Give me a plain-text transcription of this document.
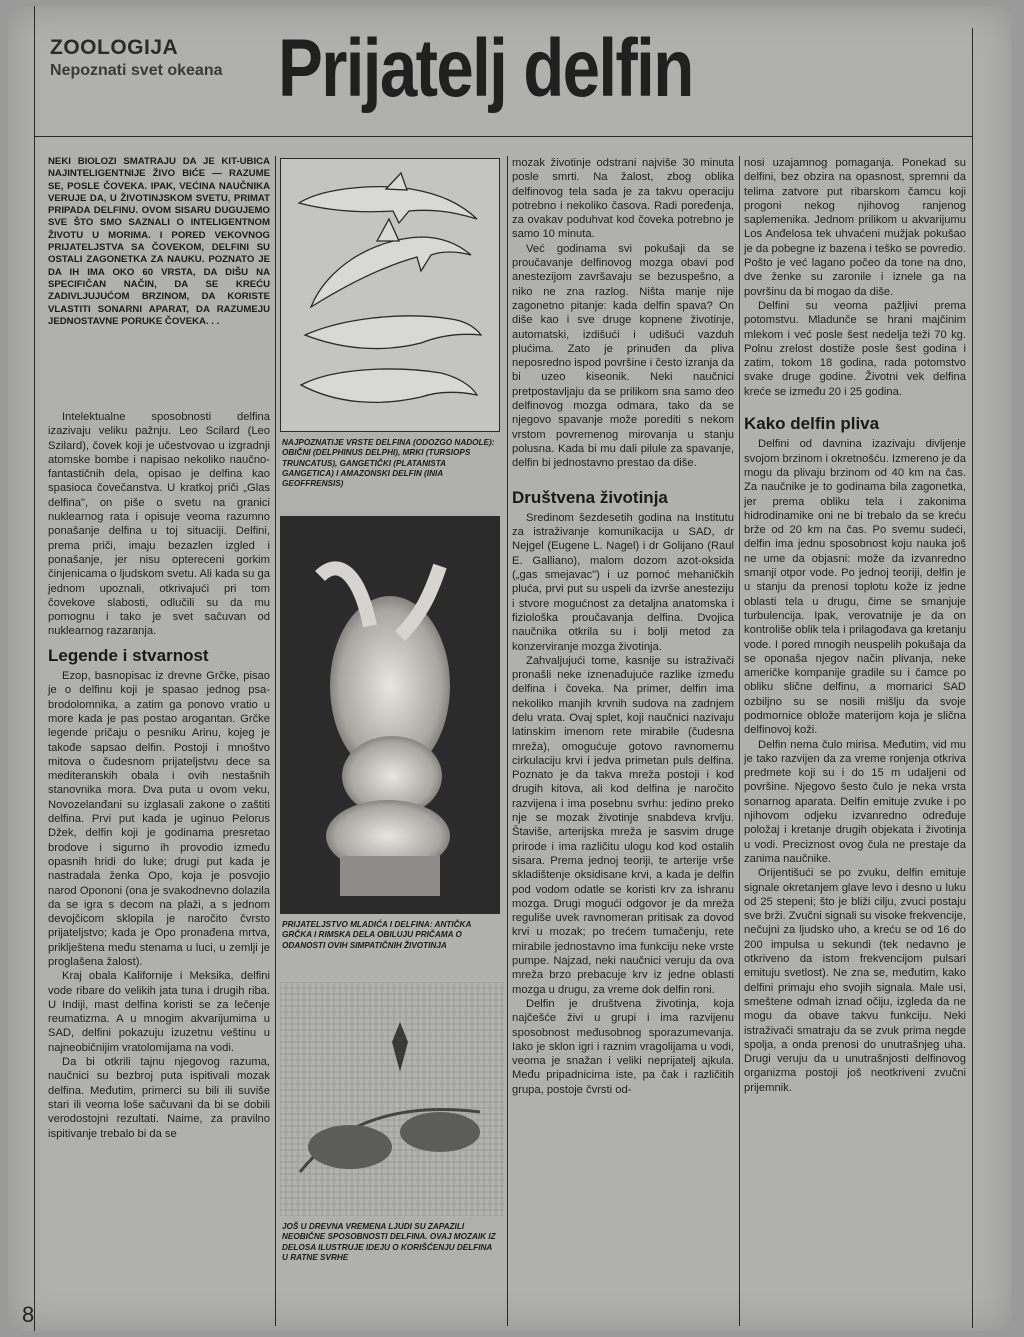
ZOOLOGIJA
Nepoznati svet okeana Prijatelj delfin
NEKI BIOLOZI SMATRAJU DA JE KIT-UBICA NAJINTELIGENTNIJE ŽIVO BIĆE — RAZUME SE, POSLE ČOVEKA. IPAK, VEĆINA NAUČNIKA VERUJE DA, U ŽIVOTINJSKOM SVETU, PRIMAT PRIPADA DELFINU. OVOM SISARU DUGUJEMO SVE ŠTO SMO SAZNALI O INTELIGENTNOM ŽIVOTU U MORIMA. I PORED VEKOVNOG PRIJATELJSTVA SA ČOVEKOM, DELFINI SU OSTALI ZAGONETKA ZA NAUKU. POZNATO JE DA IH IMA OKO 60 VRSTA, DA DIŠU NA SPECIFIČAN NAČIN, DA SE KREĆU ZADIVLJUJUĆOM BRZINOM, DA KORISTE VLASTITI SONARNI APARAT, DA RAZUMEJU JEDNOSTAVNE PORUKE ČOVEKA. . .

Intelektualne sposobnosti delfina izazivaju veliku pažnju. Leo Scilard (Leo Szilard), čovek koji je učestvovao u izgradnji atomske bombe i napisao nekoliko naučno-fantastičnih dela, opisao je delfina kao spasioca čovečanstva. U kratkoj priči „Glas delfina", on piše o svetu na granici nuklearnog rata i opisuje veoma razumno ponašanje delfina u toj situaciji. Delfini, prema priči, imaju bezazlen izgled i ponašanje, jer nisu optereceni gorkim činjenicama o ljudskom svetu. Ali kada su ga jednom upoznali, otkrivajući pri tom čovekove slabosti, odlučili su da mu pomognu i tako je svet sačuvan od nuklearnog razaranja.

Legende i stvarnost

Ezop, basnopisac iz drevne Grčke, pisao je o delfinu koji je spasao jednog psa-brodolomnika, a zatim ga ponovo vratio u more kada je pas postao arogantan. Grčke legende pričaju o pesniku Arinu, kojeg je takođe sapsao delfin. Postoji i mnoštvo mitova o čudesnom prijateljstvu dece sa mediteranskih obala i ovih nestašnih stanovnika mora. Dva puta u ovom veku, Novozelanđani su izglasali zakone o zaštiti delfina. Prvi put kada je uginuo Pelorus Džek, delfin koji je godinama presretao brodove i sigurno ih provodio između opasnih hridi do luke; drugi put kada je nastradala ženka Opo, koja je posvojio narod Opononi (ona je svakodnevno dolazila da se igra s decom na plaži, a s jednom devojčicom sklopila je naročito čvrsto prijateljstvo; kada je Opo pronađena mrtva, priklještena među stenama u luci, u zemlji je proglašena žalost).

Kraj obala Kalifornije i Meksika, delfini vode ribare do velikih jata tuna i drugih riba. U Indiji, mast delfina koristi se za lečenje reumatizma. A u mnogim akvarijumima u SAD, delfini pokazuju izuzetnu veštinu u najneobičnijim vratolomijama na vodi.

Da bi otkrili tajnu njegovog razuma, naučnici su bezbroj puta ispitivali mozak delfina. Međutim, primerci su bili ili suviše stari ili veoma loše sačuvani da bi se dobili verodostojni rezultati. Naime, za pravilno ispitivanje trebalo bi da se

NAJPOZNATIJE VRSTE DELFINA (ODOZGO NADOLE): OBIČNI (DELPHINUS DELPHI), MRKI (TURSIOPS TRUNCATUS), GANGETIČKI (PLATANISTA GANGETICA) I AMAZONSKI DELFIN (INIA GEOFFRENSIS)
PRIJATELJSTVO MLADIĆA I DELFINA: ANTIČKA GRČKA I RIMSKA DELA OBILUJU PRIČAMA O ODANOSTI OVIH SIMPATIČNIH ŽIVOTINJA
JOŠ U DREVNA VREMENA LJUDI SU ZAPAZILI NEOBIČNE SPOSOBNOSTI DELFINA. OVAJ MOZAIK IZ DELOSA ILUSTRUJE IDEJU O KORIŠĆENJU DELFINA U RATNE SVRHE

mozak životinje odstrani najviše 30 minuta posle smrti. Na žalost, zbog oblika delfinovog tela sada je za takvu operaciju potrebno i nekoliko časova. Radi poređenja, za ovakav poduhvat kod čoveka potrebno je samo 10 minuta.

Već godinama svi pokušaji da se proučavanje delfinovog mozga obavi pod anestezijom završavaju se bezuspešno, a niko ne zna razlog. Ništa manje nije zagonetno pitanje: kada delfin spava? On diše kao i sve druge kopnene životinje, automatski, izdišući i udišući vazduh plućima. Zato je prinuđen da pliva neposredno ispod površine i često izranja da bi uzeo kiseonik. Neki naučnici pretpostavljaju da se prilikom sna samo deo delfinovog mozga odmara, tako da se njegovo spavanje može porediti s nekom vrstom povremenog mirovanja u stanju polusna. Kada bi mu dali pilule za spavanje, delfin bi jednostavno prestao da diše.

Društvena životinja

Sredinom šezdesetih godina na Institutu za istraživanje komunikacija u SAD, dr Nejgel (Eugene L. Nagel) i dr Golijano (Raul E. Galliano), malom dozom azot-oksida („gas smejavac") i uz pomoć mehaničkih pluća, prvi put su uspeli da izvrše anesteziju i stvore mogućnost za detaljna anatomska i fiziološka proučavanja delfina. Dvojica naučnika otkrila su i bolji metod za konzerviranje mozga životinja.

Zahvaljujući tome, kasnije su istraživači pronašli neke iznenađujuće razlike između delfina i čoveka. Na primer, delfin ima nekoliko manjih krvnih sudova na zadnjem delu vrata. Ovaj splet, koji naučnici nazivaju latinskim imenom rete mirabile (čudesna mreža), omogućuje gotovo ravnomernu cirkulaciju krvi i jedva primetan puls delfina. Poznato je da takva mreža postoji i kod drugih kitova, ali kod delfina je naročito razvijena i ima posebnu svrhu: jedino preko nje se mozak životinje snabdeva krvlju. Štaviše, arterijska mreža je sasvim druge prirode i ima različitu ulogu kod kod ostalih sisara. Prema jednoj teoriji, te arterije vrše skladištenje oksidisane krvi, a kada je delfin pod vodom odatle se koristi krv za ishranu mozga. Drugi mogući odgovor je da mreža reguliše uvek ravnomeran pritisak za dovod krvi u mozak; po trećem tumačenju, rete mirabile jednostavno ima funkciju neke vrste pumpe. Najzad, neki naučnici veruju da ova mreža brzo prebacuje krv iz jedne oblasti mozga u drugu, za vreme dok delfin roni.

Delfin je društvena životinja, koja najčešće živi u grupi i ima razvijenu sposobnost međusobnog sporazumevanja. Iako je sklon igri i raznim vragolijama u vodi, veoma je snažan i veliki neprijatelj ajkula. Među pripadnicima iste, pa čak i različitih grupa, postoje čvrsti od-

nosi uzajamnog pomaganja. Ponekad su delfini, bez obzira na opasnost, spremni da telima zatvore put ribarskom čamcu koji progoni nekog njihovog ranjenog saplemenika. Jednom prilikom u akvarijumu Los Anđelosa tek uhvaćeni mužjak pokušao je da pobegne iz bazena i teško se povredio. Pošto je već lagano počeo da tone na dno, dve ženke su zaronile i iznele ga na površinu da bi mogao da diše.

Delfini su veoma pažljivi prema potomstvu. Mladunče se hrani majčinim mlekom i već posle šest nedelja teži 70 kg. Polnu zrelost dostiže posle šest godina i zatim, tokom 18 godina, rada potomstvo svake druge godine. Životni vek delfina kreće se između 20 i 25 godina.

Kako delfin pliva

Delfini od davnina izazivaju divljenje svojom brzinom i okretnošću. Izmereno je da mogu da plivaju brzinom od 40 km na čas. Za naučnike je to godinama bila zagonetka, jer prema obliku tela i zakonima hidrodinamike oni ne bi trebalo da se kreću brže od 20 km na čas. Po svemu sudeći, delfin ima jednu sposobnost koju nauka još ne ume da objasni: može da izvanredno smanji otpor vode. Po jednoj teoriji, delfin je u stanju da prenosi toplotu kože iz jedne oblasti tela u drugu, čime se smanjuje turbulencija. Ipak, verovatnije je da on kontroliše oblik tela i prilagođava ga kretanju vode. I pored mnogih neuspelih pokušaja da se oponaša njegov način plivanja, neke američke kompanije gradile su i čamce po obliku slične delfinu, a mornarici SAD ozbiljno su se nosili mišlju da svoje podmornice oblože materijom koja je slična delfinovoj koži.

Delfin nema čulo mirisa. Međutim, vid mu je tako razvijen da za vreme ronjenja otkriva predmete koji su i do 15 m udaljeni od površine. Njegovo šesto čulo je neka vrsta sonarnog aparata. Delfin emituje zvuke i po njihovom odjeku izvanredno određuje položaj i kretanje drugih objekata i životinja u vodi. Preciznost ovog čula ne prestaje da zanima naučnike.

Orijentišući se po zvuku, delfin emituje signale okretanjem glave levo i desno u luku od 25 stepeni; što je bliži cilju, zvuci postaju sve brži. Zvučni signali su visoke frekvencije, nečujni za ljudsko uho, a kreću se od 16 do 200 impulsa u sekundi (tek nedavno je otkriveno da istom frekvencijom pulsari emituju svetlost). Ne zna se, međutim, kako delfini primaju eho svojih signala. Male usi, smeštene odmah iznad očiju, izgleda da ne mogu da obave takvu funkciju. Neki istraživači smatraju da se zvuk prima negde spolja, a onda prenosi do unutrašnjeg uha. Drugi veruju da u unutrašnjosti delfinovog organizma postoji još neotkriveni zvučni prijemnik.

8
